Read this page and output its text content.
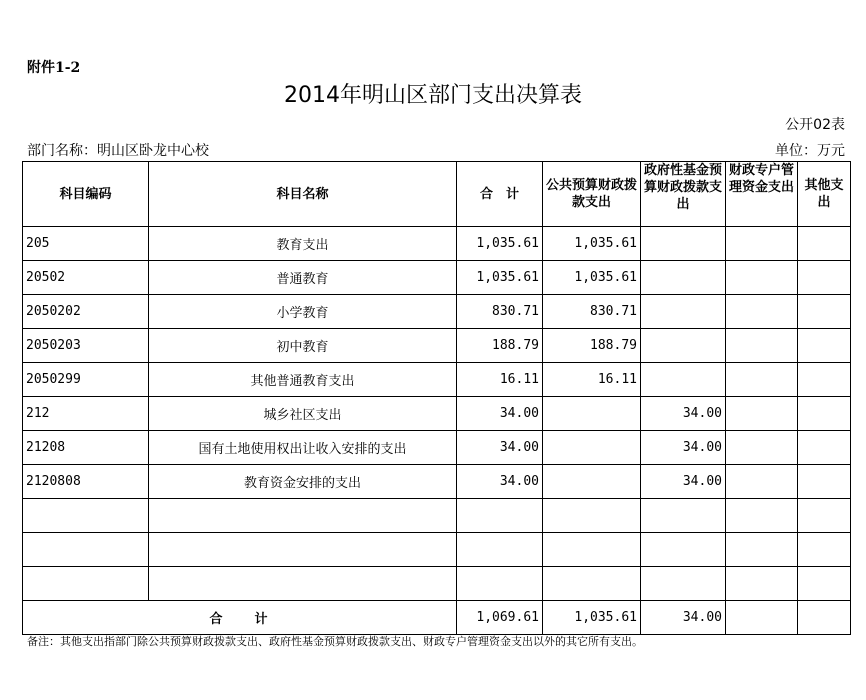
附件1-2
2014年明山区部门支出决算表
公开02表
部门名称：明山区卧龙中心校	单位：万元
科目编码	科目名称	合　计	公共预算财政拨款支出	政府性基金预算财政拨款支出	财政专户管理资金支出	其他支出
205	教育支出	1,035.61	1,035.61			
20502	普通教育	1,035.61	1,035.61			
2050202	小学教育	830.71	830.71			
2050203	初中教育	188.79	188.79			
2050299	其他普通教育支出	16.11	16.11			
212	城乡社区支出	34.00		34.00		
21208	国有土地使用权出让收入安排的支出	34.00		34.00		
2120808	教育资金安排的支出	34.00		34.00		

合　　计		1,069.61	1,035.61	34.00		
备注：其他支出指部门除公共预算财政拨款支出、政府性基金预算财政拨款支出、财政专户管理资金支出以外的其它所有支出。
